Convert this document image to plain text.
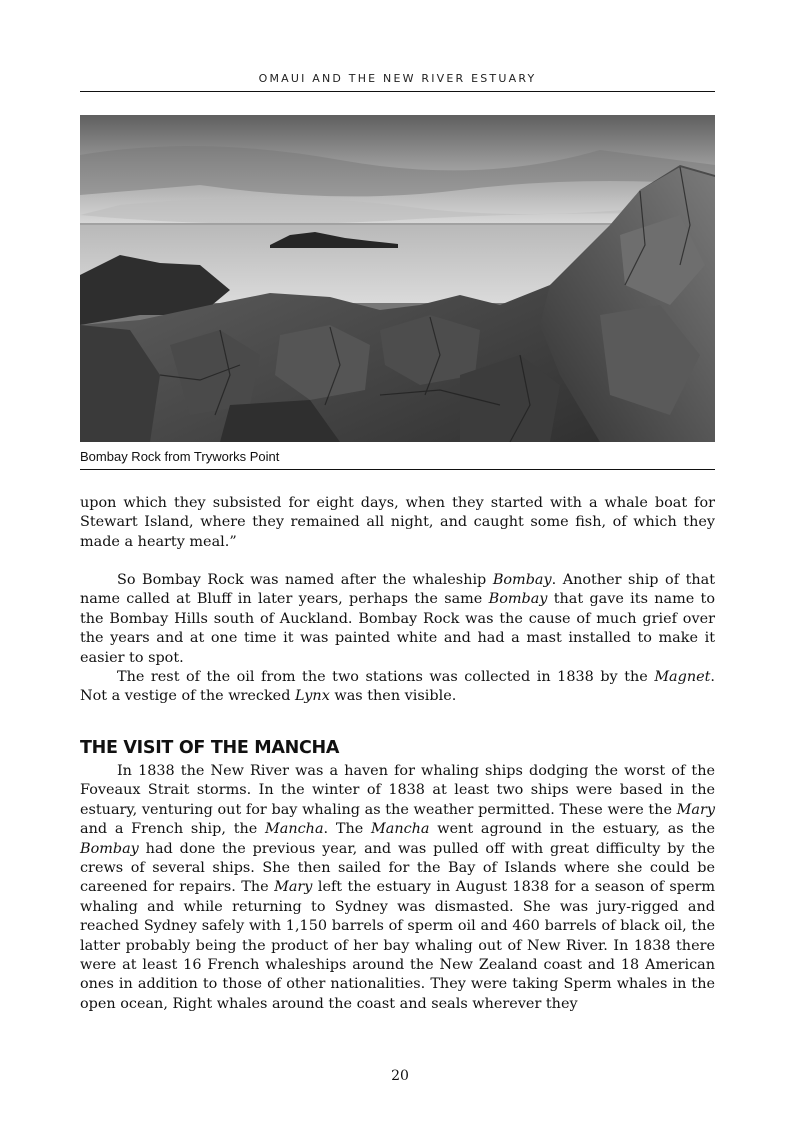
OMAUI AND THE NEW RIVER ESTUARY
Bombay Rock from Tryworks Point

upon which they subsisted for eight days, when they started with a whale boat for Stewart Island, where they remained all night, and caught some fish, of which they made a hearty meal.”

So Bombay Rock was named after the whaleship Bombay. Another ship of that name called at Bluff in later years, perhaps the same Bombay that gave its name to the Bombay Hills south of Auckland. Bombay Rock was the cause of much grief over the years and at one time it was painted white and had a mast installed to make it easier to spot.

The rest of the oil from the two stations was collected in 1838 by the Magnet. Not a vestige of the wrecked Lynx was then visible.

THE VISIT OF THE MANCHA

In 1838 the New River was a haven for whaling ships dodging the worst of the Foveaux Strait storms. In the winter of 1838 at least two ships were based in the estuary, venturing out for bay whaling as the weather permitted. These were the Mary and a French ship, the Mancha. The Mancha went aground in the estuary, as the Bombay had done the previous year, and was pulled off with great difficulty by the crews of several ships. She then sailed for the Bay of Islands where she could be careened for repairs. The Mary left the estuary in August 1838 for a season of sperm whaling and while returning to Sydney was dismasted. She was jury-rigged and reached Sydney safely with 1,150 barrels of sperm oil and 460 barrels of black oil, the latter probably being the product of her bay whaling out of New River. In 1838 there were at least 16 French whaleships around the New Zealand coast and 18 American ones in addition to those of other nationalities. They were taking Sperm whales in the open ocean, Right whales around the coast and seals wherever they

20
